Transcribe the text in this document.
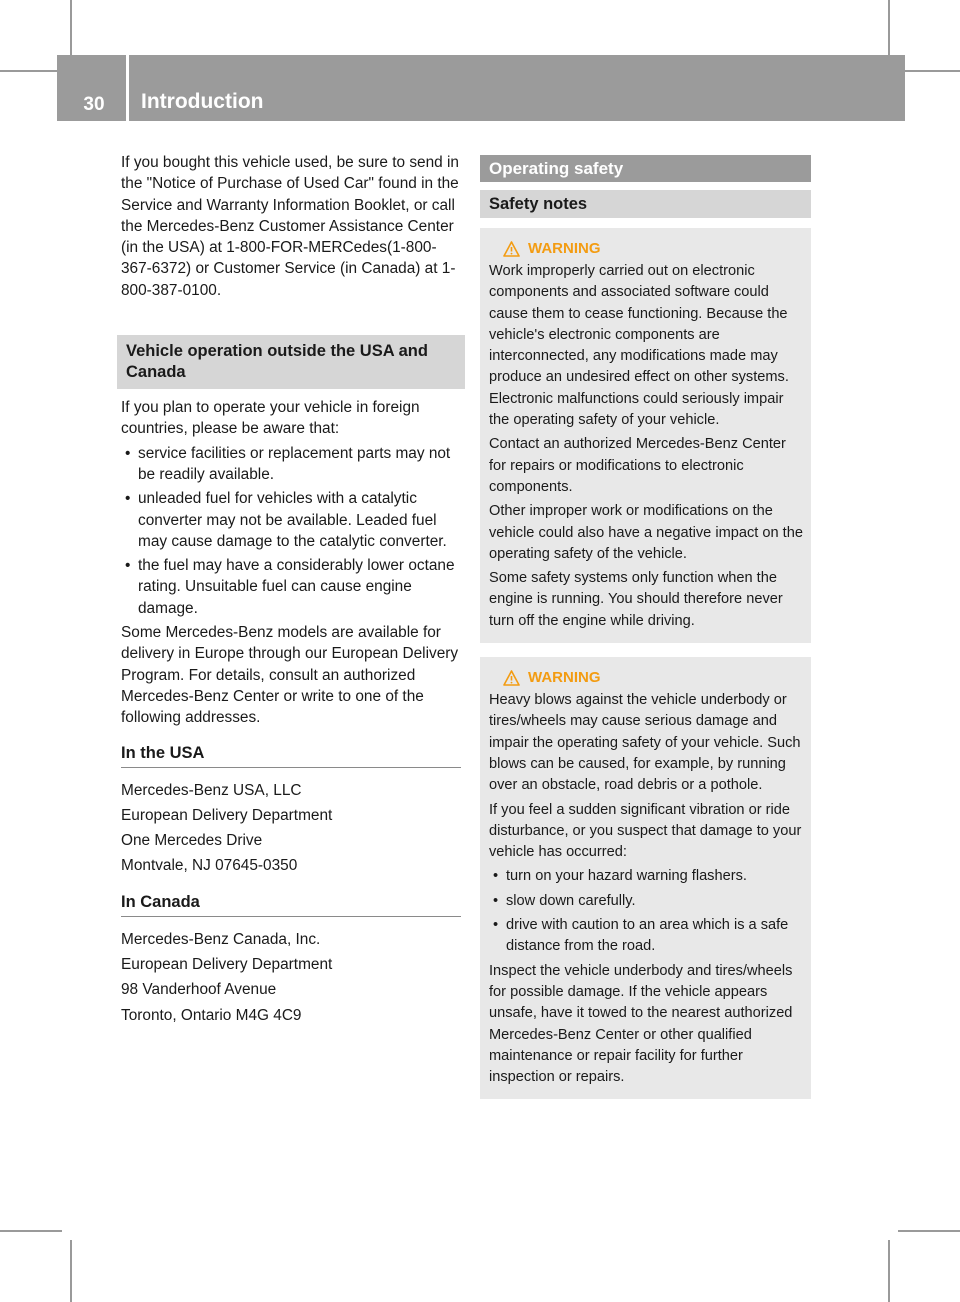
30	Introduction

If you bought this vehicle used, be sure to send in the "Notice of Purchase of Used Car" found in the Service and Warranty Information Booklet, or call the Mercedes-Benz Customer Assistance Center (in the USA) at 1-800-FOR-MERCedes(1-800-367-6372) or Customer Service (in Canada) at 1-800-387-0100.

Vehicle operation outside the USA and Canada

If you plan to operate your vehicle in foreign countries, please be aware that:

• service facilities or replacement parts may not be readily available.
• unleaded fuel for vehicles with a catalytic converter may not be available. Leaded fuel may cause damage to the catalytic converter.
• the fuel may have a considerably lower octane rating. Unsuitable fuel can cause engine damage.

Some Mercedes-Benz models are available for delivery in Europe through our European Delivery Program. For details, consult an authorized Mercedes-Benz Center or write to one of the following addresses.

In the USA

Mercedes-Benz USA, LLC

European Delivery Department

One Mercedes Drive

Montvale, NJ 07645-0350

In Canada

Mercedes-Benz Canada, Inc.

European Delivery Department

98 Vanderhoof Avenue

Toronto, Ontario M4G 4C9

Operating safety
Safety notes
WARNING

Work improperly carried out on electronic components and associated software could cause them to cease functioning. Because the vehicle's electronic components are interconnected, any modifications made may produce an undesired effect on other systems. Electronic malfunctions could seriously impair the operating safety of your vehicle.

Contact an authorized Mercedes-Benz Center for repairs or modifications to electronic components.

Other improper work or modifications on the vehicle could also have a negative impact on the operating safety of the vehicle.

Some safety systems only function when the engine is running. You should therefore never turn off the engine while driving.

WARNING

Heavy blows against the vehicle underbody or tires/wheels may cause serious damage and impair the operating safety of your vehicle. Such blows can be caused, for example, by running over an obstacle, road debris or a pothole.

If you feel a sudden significant vibration or ride disturbance, or you suspect that damage to your vehicle has occurred:

• turn on your hazard warning flashers.
• slow down carefully.
• drive with caution to an area which is a safe distance from the road.

Inspect the vehicle underbody and tires/wheels for possible damage. If the vehicle appears unsafe, have it towed to the nearest authorized Mercedes-Benz Center or other qualified maintenance or repair facility for further inspection or repairs.
